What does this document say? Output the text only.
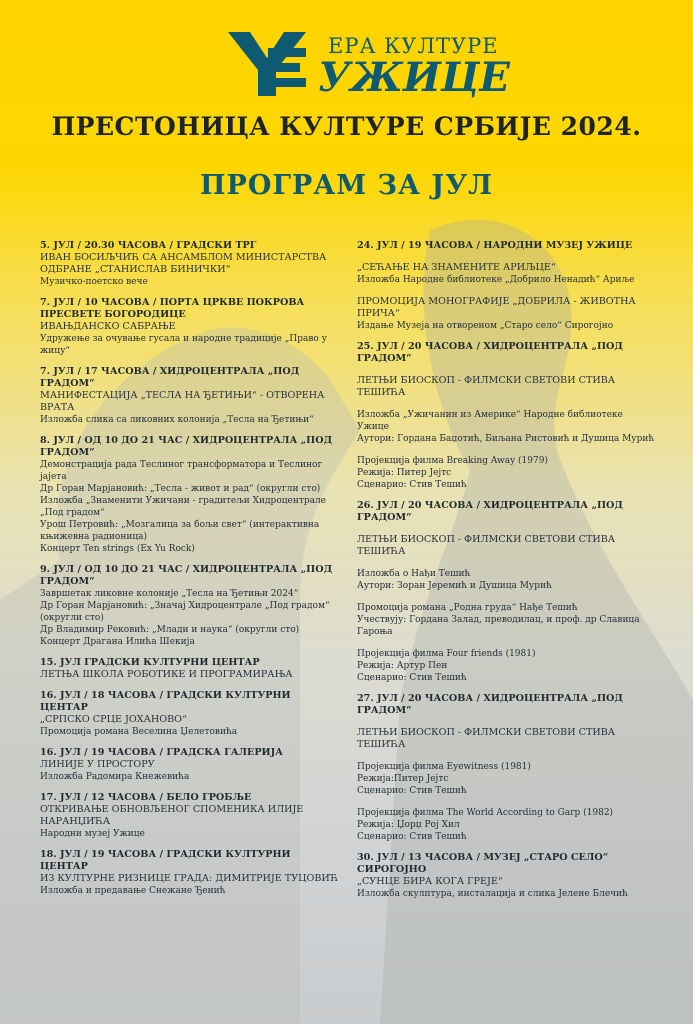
ЕРА КУЛТУРЕ
УЖИЦЕ
ПРЕСТОНИЦА КУЛТУРЕ СРБИЈЕ 2024.
ПРОГРАМ ЗА ЈУЛ
5. ЈУЛ / 20.30 ЧАСОВА / ГРАДСКИ ТРГ
ИВАН БОСИЉЧИЋ СА АНСАМБЛОМ МИНИСТАРСТВА
ОДБРАНЕ „СТАНИСЛАВ БИНИЧКИ“
Музичко-поетско вече
7. ЈУЛ / 10 ЧАСОВА / ПОРТА ЦРКВЕ ПОКРОВА ПРЕСВЕТЕ БОГОРОДИЦЕ
ИВАЊДАНСКО САБРАЊЕ
Удружење за очување гусала и народне традиције „Право у
жицу“
7. ЈУЛ / 17 ЧАСОВА / ХИДРОЦЕНТРАЛА „ПОД ГРАДОМ“
МАНИФЕСТАЦИЈА „ТЕСЛА НА ЂЕТИЊИ“ - ОТВОРЕНА
ВРАТА
Изложба слика са ликовних колонија „Тесла на Ђетињи“
8. ЈУЛ / ОД 10 ДО 21 ЧАС / ХИДРОЦЕНТРАЛА „ПОД ГРАДОМ“
Демонстрација рада Теслиног трансформатора и Теслиног
јајета
Др Горан Марјановић: „Тесла - живот и рад“ (округли сто)
Изложба „Знаменити Ужичани - градитељи Хидроцентрале
„Под градом“
Урош Петровић: „Мозгалица за бољи свет“ (интерактивна
књижевна радионица)
Концерт Ten strings (Ex Yu Rock)
9. ЈУЛ / ОД 10 ДО 21 ЧАС / ХИДРОЦЕНТРАЛА „ПОД ГРАДОМ“
Завршетак ликовне колоније „Тесла на Ђетињи 2024“
Др Горан Марјановић: „Значај Хидроцентрале „Под градом“
(округли сто)
Др Владимир Рековић: „Млади и наука“ (округли сто)
Концерт Драгана Илића Шекија
15. ЈУЛ ГРАДСКИ КУЛТУРНИ ЦЕНТАР
ЛЕТЊА ШКОЛА РОБОТИКЕ И ПРОГРАМИРАЊА
16. ЈУЛ / 18 ЧАСОВА / ГРАДСКИ КУЛТУРНИ ЦЕНТАР
„СРПСКО СРЦЕ ЈОХАНОВО“
Промоција романа Веселина Џелетовића
16. ЈУЛ / 19 ЧАСОВА / ГРАДСКА ГАЛЕРИЈА
ЛИНИЈЕ У ПРОСТОРУ
Изложба Радомира Кнежевића
17. ЈУЛ / 12 ЧАСОВА / БЕЛО ГРОБЉЕ
ОТКРИВАЊЕ ОБНОВЉЕНОГ СПОМЕНИКА ИЛИЈЕ
НАРАНЏИЋА
Народни музеј Ужице
18. ЈУЛ / 19 ЧАСОВА / ГРАДСКИ КУЛТУРНИ ЦЕНТАР
ИЗ КУЛТУРНЕ РИЗНИЦЕ ГРАДА: ДИМИТРИЈЕ ТУЦОВИЋ
Изложба и предавање Снежане Ђенић
24. ЈУЛ / 19 ЧАСОВА / НАРОДНИ МУЗЕЈ УЖИЦЕ
„СЕЋАЊЕ НА ЗНАМЕНИТЕ АРИЉЦЕ“
Изложба Народне библиотеке „Добрило Ненадић“ Ариље
ПРОМОЦИЈА МОНОГРАФИЈЕ „ДОБРИЛА - ЖИВОТНА
ПРИЧА“
Издање Музеја на отвореном „Старо село“ Сирогојно
25. ЈУЛ / 20 ЧАСОВА / ХИДРОЦЕНТРАЛА „ПОД ГРАДОМ“
ЛЕТЊИ БИОСКОП - ФИЛМСКИ СВЕТОВИ СТИВА ТЕШИЋА
Изложба „Ужичанин из Америке“ Народне библиотеке Ужице
Аутори: Гордана Баџотић, Биљана Ристовић и Душица Мурић
Пројекција филма Breaking Away (1979)
Режија: Питер Јејтс
Сценарио: Стив Тешић
26. ЈУЛ / 20 ЧАСОВА / ХИДРОЦЕНТРАЛА „ПОД ГРАДОМ“
ЛЕТЊИ БИОСКОП - ФИЛМСКИ СВЕТОВИ СТИВА ТЕШИЋА
Изложба о Нађи Тешић
Аутори: Зоран Јеремић и Душица Мурић
Промоција романа „Родна груда“ Нађе Тешић
Учествују: Гордана Залад, преводилац, и проф. др Славица
Гароња
Пројекција филма Four friends (1981)
Режија: Артур Пен
Сценарио: Стив Тешић
27. ЈУЛ / 20 ЧАСОВА / ХИДРОЦЕНТРАЛА „ПОД ГРАДОМ“
ЛЕТЊИ БИОСКОП - ФИЛМСКИ СВЕТОВИ СТИВА ТЕШИЋА
Пројекција филма Eyewitness (1981)
Режија:Питер Јејтс
Сценарио: Стив Тешић
Пројекција филма The World According to Garp (1982)
Режија: Џорџ Рој Хил
Сценарио: Стив Тешић
30. ЈУЛ / 13 ЧАСОВА / МУЗЕЈ „СТАРО СЕЛО“ СИРОГОЈНО
„СУНЦЕ БИРА КОГА ГРЕЈЕ“
Изложба скулптура, инсталација и слика Јелене Блечић
